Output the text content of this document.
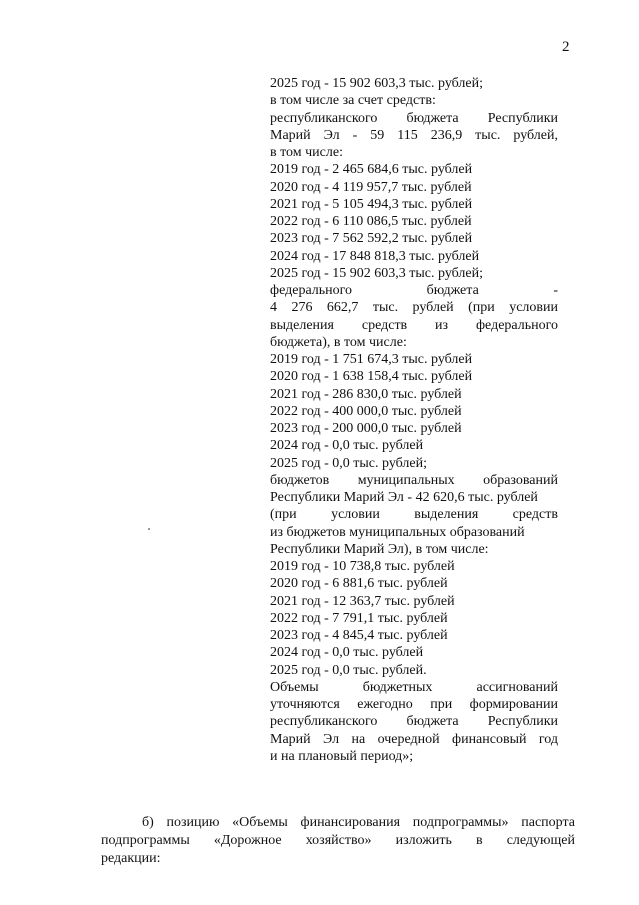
2
2025 год - 15 902 603,3 тыс. рублей;
в том числе за счет средств:
республиканского бюджета Республики
Марий Эл - 59 115 236,9 тыс. рублей,
в том числе:
2019 год - 2 465 684,6 тыс. рублей
2020 год - 4 119 957,7 тыс. рублей
2021 год - 5 105 494,3 тыс. рублей
2022 год - 6 110 086,5 тыс. рублей
2023 год - 7 562 592,2 тыс. рублей
2024 год - 17 848 818,3 тыс. рублей
2025 год - 15 902 603,3 тыс. рублей;
федерального бюджета -
4 276 662,7 тыс. рублей (при условии
выделения средств из федерального
бюджета), в том числе:
2019 год - 1 751 674,3 тыс. рублей
2020 год - 1 638 158,4 тыс. рублей
2021 год - 286 830,0 тыс. рублей
2022 год - 400 000,0 тыс. рублей
2023 год - 200 000,0 тыс. рублей
2024 год - 0,0 тыс. рублей
2025 год - 0,0 тыс. рублей;
бюджетов муниципальных образований
Республики Марий Эл - 42 620,6 тыс. рублей
(при условии выделения средств
из бюджетов муниципальных образований
Республики Марий Эл), в том числе:
2019 год - 10 738,8 тыс. рублей
2020 год - 6 881,6 тыс. рублей
2021 год - 12 363,7 тыс. рублей
2022 год - 7 791,1 тыс. рублей
2023 год - 4 845,4 тыс. рублей
2024 год - 0,0 тыс. рублей
2025 год - 0,0 тыс. рублей.
Объемы бюджетных ассигнований
уточняются ежегодно при формировании
республиканского бюджета Республики
Марий Эл на очередной финансовый год
и на плановый период»;
б) позицию «Объемы финансирования подпрограммы» паспорта
подпрограммы «Дорожное хозяйство» изложить в следующей
редакции:
